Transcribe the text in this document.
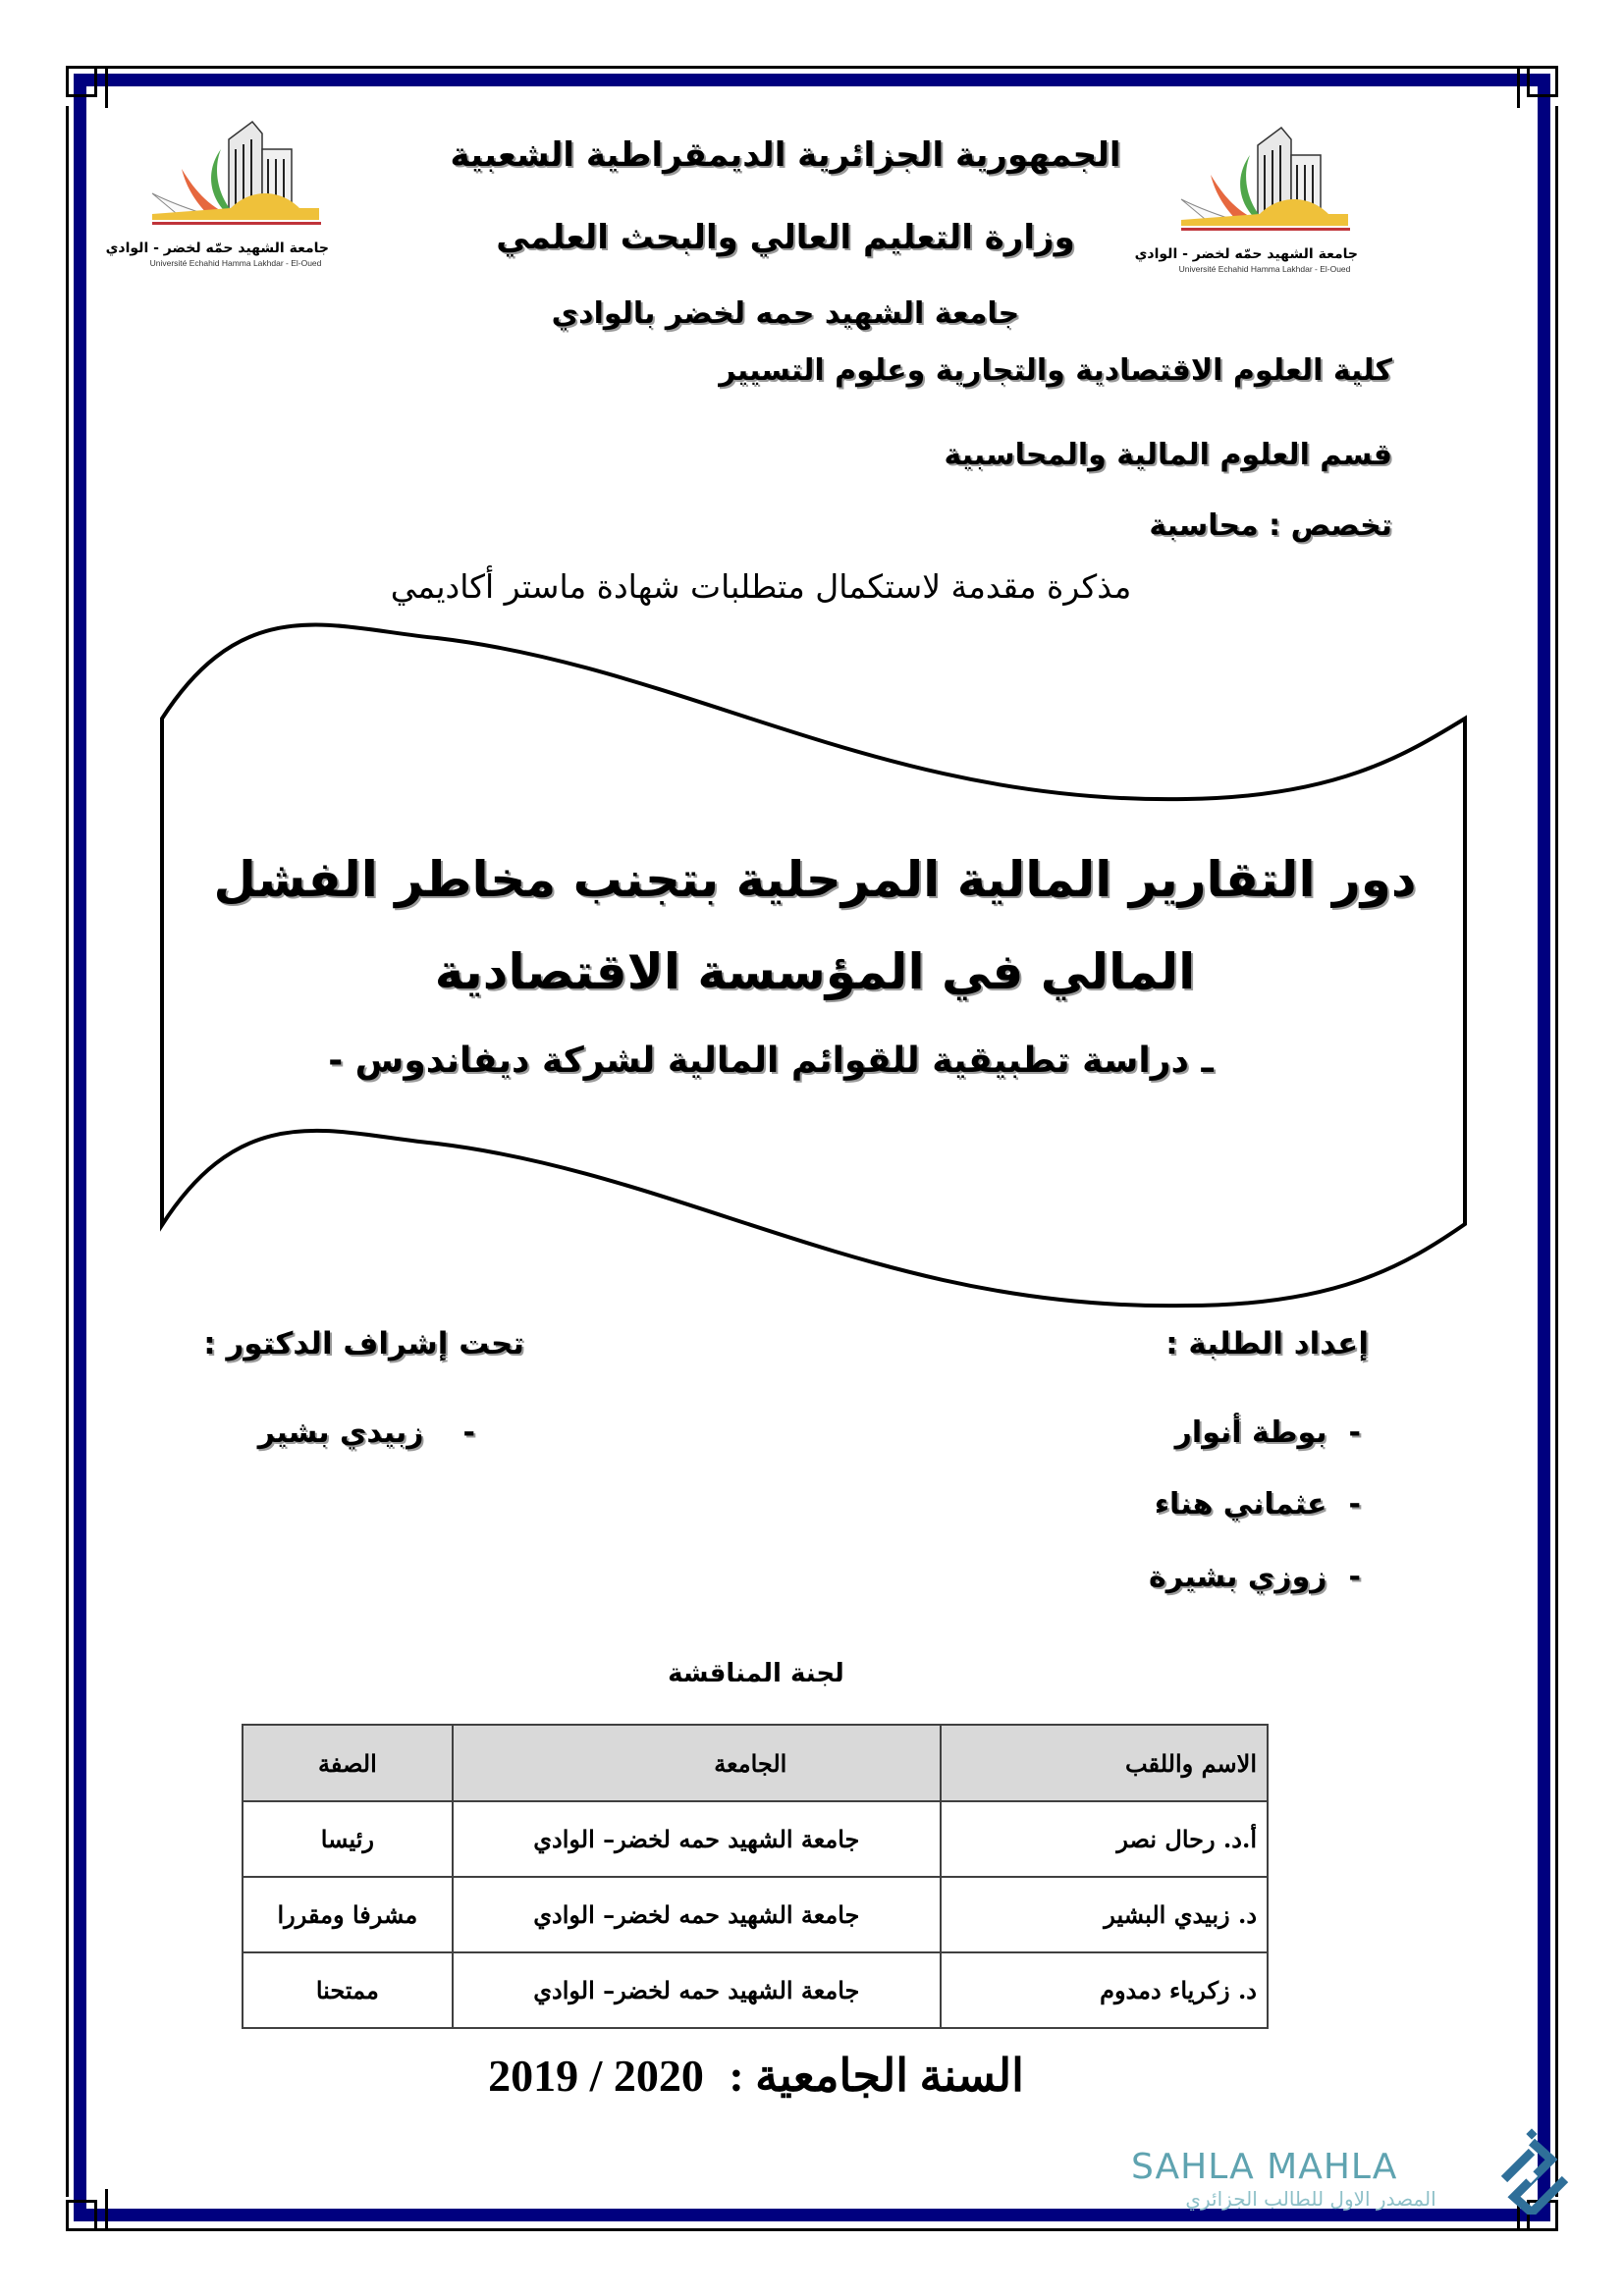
جامعة الشهيد حمّه لخضر - الوادي
Université Echahid Hamma Lakhdar - El-Oued
جامعة الشهيد حمّه لخضر - الوادي
Université Echahid Hamma Lakhdar - El-Oued
الجمهورية الجزائرية الديمقراطية الشعبية
وزارة التعليم العالي والبحث العلمي
جامعة الشهيد حمه لخضر بالوادي
كلية العلوم الاقتصادية والتجارية وعلوم التسيير
قسم العلوم المالية والمحاسبية
تخصص : محاسبة
مذكرة مقدمة لاستكمال متطلبات شهادة ماستر أكاديمي
دور التقارير المالية المرحلية بتجنب مخاطر الفشل
المالي في المؤسسة الاقتصادية
ـ دراسة تطبيقية للقوائم المالية لشركة ديفاندوس -
إعداد الطلبة :
تحت إشراف الدكتور :
-بوطة أنوار
-عثماني هناء
-زوزي بشيرة
-زبيدي بشير
لجنة المناقشة
الاسم واللقب	الجامعة	الصفة
أ.د. رحال نصر	جامعة الشهيد حمه لخضر– الوادي	رئيسا
د. زبيدي البشير	جامعة الشهيد حمه لخضر– الوادي	مشرفا ومقررا
د. زكرياء دمدوم	جامعة الشهيد حمه لخضر– الوادي	ممتحنا
السنة الجامعية : 2019 / 2020
SAHLA MAHLA
المصدر الاول للطالب الجزائري
